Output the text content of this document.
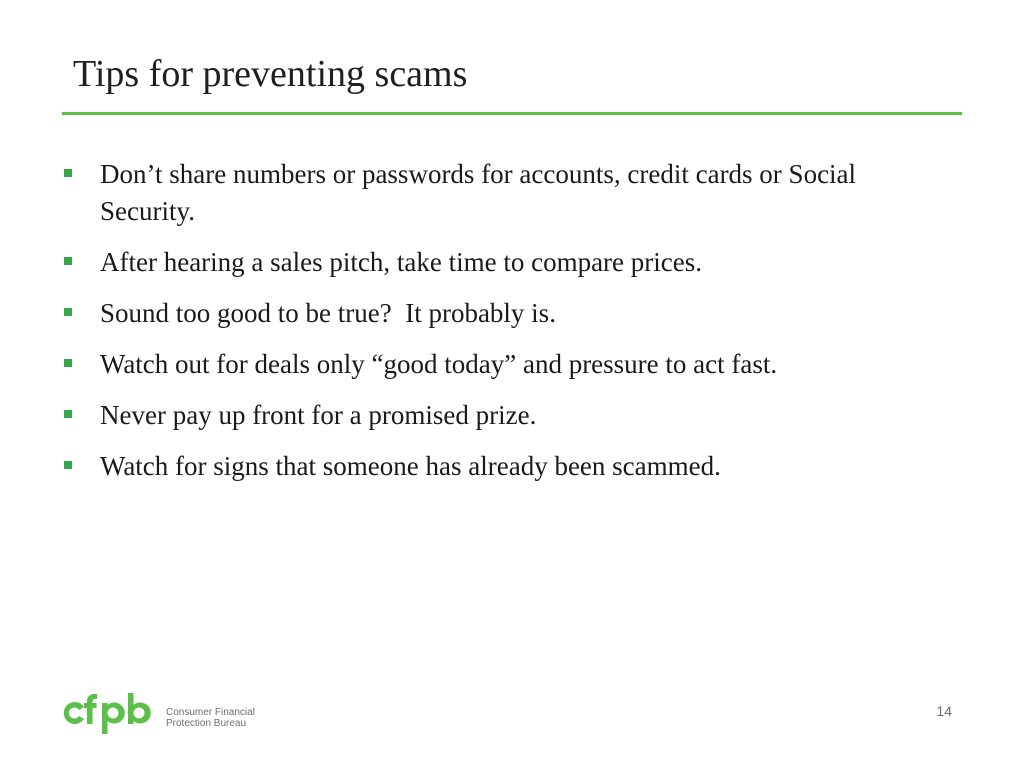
Tips for preventing scams
Don’t share numbers or passwords for accounts, credit cards or Social Security.
After hearing a sales pitch, take time to compare prices.
Sound too good to be true?  It probably is.
Watch out for deals only “good today” and pressure to act fast.
Never pay up front for a promised prize.
Watch for signs that someone has already been scammed.
Consumer Financial
Protection Bureau
14
